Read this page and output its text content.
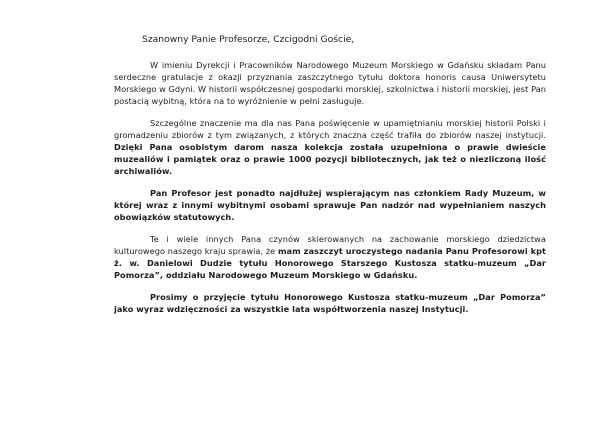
Szanowny Panie Profesorze, Czcigodni Goście,

W imieniu Dyrekcji i Pracowników Narodowego Muzeum Morskiego w Gdańsku składam Panu serdeczne gratulacje z okazji przyznania zaszczytnego tytułu doktora honoris causa Uniwersytetu Morskiego w Gdyni. W historii współczesnej gospodarki morskiej, szkolnictwa i historii morskiej, jest Pan postacią wybitną, która na to wyróżnienie w pełni zasługuje.

Szczególne znaczenie ma dla nas Pana poświęcenie w upamiętnianiu morskiej historii Polski i gromadzeniu zbiorów z tym związanych, z których znaczna część trafiła do zbiorów naszej instytucji. Dzięki Pana osobistym darom nasza kolekcja została uzupełniona o prawie dwieście muzealiów i pamiątek oraz o prawie 1000 pozycji bibliotecznych, jak też o niezliczoną ilość archiwaliów.

Pan Profesor jest ponadto najdłużej wspierającym nas członkiem Rady Muzeum, w której wraz z innymi wybitnymi osobami sprawuje Pan nadzór nad wypełnianiem naszych obowiązków statutowych.

Te i wiele innych Pana czynów skierowanych na zachowanie morskiego dziedzictwa kulturowego naszego kraju sprawia, że mam zaszczyt uroczystego nadania Panu Profesorowi kpt ż. w. Danielowi Dudzie tytułu Honorowego Starszego Kustosza statku-muzeum „Dar Pomorza”, oddziału Narodowego Muzeum Morskiego w Gdańsku.

Prosimy o przyjęcie tytułu Honorowego Kustosza statku-muzeum „Dar Pomorza” jako wyraz wdzięczności za wszystkie lata współtworzenia naszej Instytucji.
